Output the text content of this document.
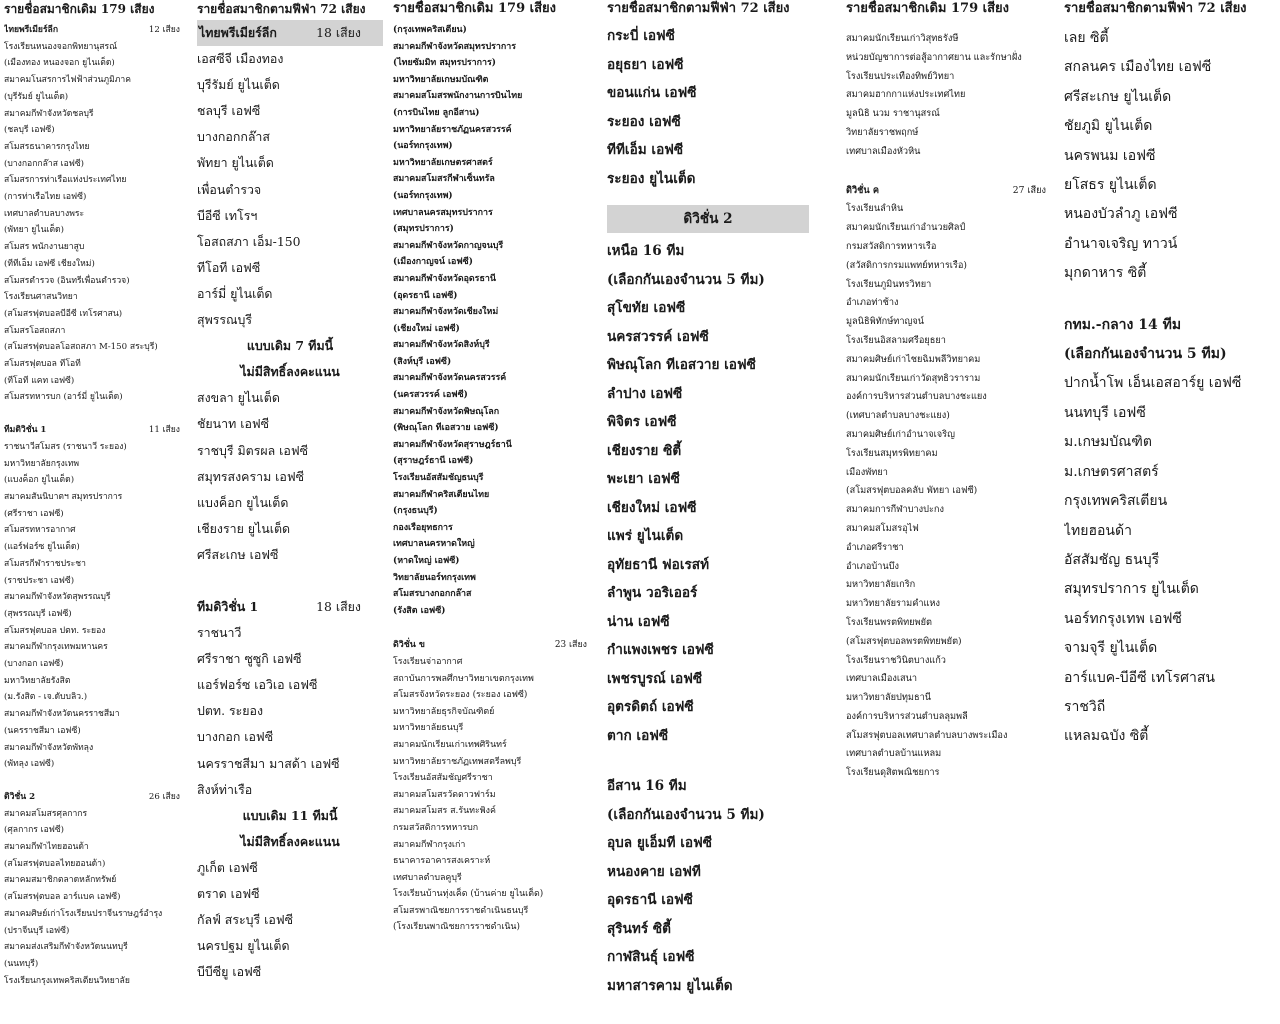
รายชื่อสมาชิกเดิม 179 เสียง
ไทยพรีเมียร์ลีก	12 เสียง
โรงเรียนหนองจอกพิทยานุสรณ์
(เมืองทอง หนองจอก ยูไนเต็ด)
สมาคมโนสรการไฟฟ้าส่วนภูมิภาค
(บุรีรัมย์ ยูไนเต็ด)
สมาคมกีฬาจังหวัดชลบุรี
(ชลบุรี เอฟซี)
สโมสรธนาคารกรุงไทย
(บางกอกกล๊าส เอฟซี)
สโมสรการท่าเรือแห่งประเทศไทย
(การท่าเรือไทย เอฟซี)
เทศบาลตำบลบางพระ
(พัทยา ยูไนเต็ด)
สโมสร พนักงานยาสูบ
(ทีทีเอ็ม เอฟซี เชียงใหม่)
สโมสรตำรวจ (อินทรีเพื่อนตำรวจ)
โรงเรียนศาสนวิทยา
(สโมสรฟุตบอลบีอีซี เทโรศาสน)
สโมสรโอสถสภา
(สโมสรฟุตบอลโอสถสภา M-150 สระบุรี)
สโมสรฟุตบอล ทีโอที
(ทีโอที แคท เอฟซี)
สโมสรทหารบก (อาร์มี่ ยูไนเต็ด)
ทีมดิวิชั่น 1	11 เสียง
ราชนาวีสโมสร (ราชนาวี ระยอง)
มหาวิทยาลัยกรุงเทพ
(แบงค็อก ยูไนเต็ด)
สมาคมสันนิบาตฯ สมุทรปราการ
(ศรีราชา เอฟซี)
สโมสรทหารอากาศ
(แอร์ฟอร์ซ ยูไนเต็ด)
สโมสรกีฬาราชประชา
(ราชประชา เอฟซี)
สมาคมกีฬาจังหวัดสุพรรณบุรี
(สุพรรณบุรี เอฟซี)
สโมสรฟุตบอล ปตท. ระยอง
สมาคมกีฬากรุงเทพมหานคร
(บางกอก เอฟซี)
มหาวิทยาลัยรังสิต
(ม.รังสิต - เจ.ดับบลิว.)
สมาคมกีฬาจังหวัดนครราชสีมา
(นครราชสีมา เอฟซี)
สมาคมกีฬาจังหวัดพัทลุง
(พัทลุง เอฟซี)
ดิวิชั่น 2	26 เสียง
สมาคมสโมสรศุลกากร
(ศุลกากร เอฟซี)
สมาคมกีฬาไทยฮอนด้า
(สโมสรฟุตบอลไทยฮอนด้า)
สมาคมสมาชิกตลาดหลักทรัพย์
(สโมสรฟุตบอล อาร์แบค เอฟซี)
สมาคมศิษย์เก่าโรงเรียนปราจีนราษฎร์อำรุง
(ปราจีนบุรี เอฟซี)
สมาคมส่งเสริมกีฬาจังหวัดนนทบุรี
(นนทบุรี)
โรงเรียนกรุงเทพคริสเตียนวิทยาลัย
รายชื่อสมาชิกตามฟีฟ่า 72 เสียง
ไทยพรีเมียร์ลีก	18 เสียง
เอสซีจี เมืองทอง
บุรีรัมย์ ยูไนเต็ด
ชลบุรี เอฟซี
บางกอกกล๊าส
พัทยา ยูไนเต็ด
เพื่อนตำรวจ
บีอีซี เทโรฯ
โอสถสภา เอ็ม-150
ทีโอที เอฟซี
อาร์มี่ ยูไนเต็ด
สุพรรณบุรี
แบบเดิม 7 ทีมนี้
ไม่มีสิทธิ์ลงคะแนน
สงขลา ยูไนเต็ด
ชัยนาท เอฟซี
ราชบุรี มิตรผล เอฟซี
สมุทรสงคราม เอฟซี
แบงค็อก ยูไนเต็ด
เชียงราย ยูไนเต็ด
ศรีสะเกษ เอฟซี
ทีมดิวิชั่น 1	18 เสียง
ราชนาวี
ศรีราชา ซูซูกิ เอฟซี
แอร์ฟอร์ซ เอวิเอ เอฟซี
ปตท. ระยอง
บางกอก เอฟซี
นครราชสีมา มาสด้า เอฟซี
สิงห์ท่าเรือ
แบบเดิม 11 ทีมนี้
ไม่มีสิทธิ์ลงคะแนน
ภูเก็ต เอฟซี
ตราด เอฟซี
กัลฟ์ สระบุรี เอฟซี
นครปฐม ยูไนเต็ด
บีบีซียู เอฟซี
รายชื่อสมาชิกเดิม 179 เสียง
(กรุงเทพคริสเตียน)
สมาคมกีฬาจังหวัดสมุทรปราการ
(ไทยซัมมิท สมุทรปราการ)
มหาวิทยาลัยเกษมบัณฑิต
สมาคมสโมสรพนักงานการบินไทย
(การบินไทย ลูกอีสาน)
มหาวิทยาลัยราชภัฏนครสวรรค์
(นอร์ทกรุงเทพ)
มหาวิทยาลัยเกษตรศาสตร์
สมาคมสโมสรกีฬาเซ็นทรัล
(นอร์ทกรุงเทพ)
เทศบาลนครสมุทรปราการ
(สมุทรปราการ)
สมาคมกีฬาจังหวัดกาญจนบุรี
(เมืองกาญจน์ เอฟซี)
สมาคมกีฬาจังหวัดอุดรธานี
(อุดรธานี เอฟซี)
สมาคมกีฬาจังหวัดเชียงใหม่
(เชียงใหม่ เอฟซี)
สมาคมกีฬาจังหวัดสิงห์บุรี
(สิงห์บุรี เอฟซี)
สมาคมกีฬาจังหวัดนครสวรรค์
(นครสวรรค์ เอฟซี)
สมาคมกีฬาจังหวัดพิษณุโลก
(พิษณุโลก ทีเอสวาย เอฟซี)
สมาคมกีฬาจังหวัดสุราษฎร์ธานี
(สุราษฎร์ธานี เอฟซี)
โรงเรียนอัสสัมชัญธนบุรี
สมาคมกีฬาคริสเตียนไทย
(กรุงธนบุรี)
กองเรือยุทธการ
เทศบาลนครหาดใหญ่
(หาดใหญ่ เอฟซี)
วิทยาลัยนอร์ทกรุงเทพ
สโมสรบางกอกกล๊าส
(รังสิต เอฟซี)
ดิวิชั่น ข	23 เสียง
โรงเรียนจ่าอากาศ
สถาบันการพลศึกษาวิทยาเขตกรุงเทพ
สโมสรจังหวัดระยอง (ระยอง เอฟซี)
มหาวิทยาลัยธุรกิจบัณฑิตย์
มหาวิทยาลัยธนบุรี
สมาคมนักเรียนเก่าเทพศิรินทร์
มหาวิทยาลัยราชภัฏเทพสตรีลพบุรี
โรงเรียนอัสสัมชัญศรีราชา
สมาคมสโมสรวัดดาวฟาร์ม
สมาคมสโมสร ส.รันทะพิงค์
กรมสวัสดิการทหารบก
สมาคมกีฬากรุงเก่า
ธนาคารอาคารสงเคราะห์
เทศบาลตำบลคูบุรี
โรงเรียนบ้านทุ่งเค็ด (บ้านค่าย ยูไนเต็ด)
สโมสรพาณิชยการราชดำเนินธนบุรี
(โรงเรียนพาณิชยการราชดำเนิน)
รายชื่อสมาชิกตามฟีฟ่า 72 เสียง
กระบี่ เอฟซี
อยุธยา เอฟซี
ขอนแก่น เอฟซี
ระยอง เอฟซี
ทีทีเอ็ม เอฟซี
ระยอง ยูไนเต็ด
ดิวิชั่น 2
เหนือ 16 ทีม
(เลือกกันเองจำนวน 5 ทีม)
สุโขทัย เอฟซี
นครสวรรค์ เอฟซี
พิษณุโลก ทีเอสวาย เอฟซี
ลำปาง เอฟซี
พิจิตร เอฟซี
เชียงราย ซิตี้
พะเยา เอฟซี
เชียงใหม่ เอฟซี
แพร่ ยูไนเต็ด
อุทัยธานี ฟอเรสท์
ลำพูน วอริเออร์
น่าน เอฟซี
กำแพงเพชร เอฟซี
เพชรบูรณ์ เอฟซี
อุตรดิตถ์ เอฟซี
ตาก เอฟซี
อีสาน 16 ทีม
(เลือกกันเองจำนวน 5 ทีม)
อุบล ยูเอ็มที เอฟซี
หนองคาย เอฟที
อุดรธานี เอฟซี
สุรินทร์ ซิตี้
กาฬสินธุ์ เอฟซี
มหาสารคาม ยูไนเต็ด
รายชื่อสมาชิกเดิม 179 เสียง
สมาคมนักเรียนเก่าวิสุทธรังษี
หน่วยบัญชาการต่อสู้อากาศยาน และรักษาฝั่ง
โรงเรียนประเทืองทิพย์วิทยา
สมาคมฮากกาแห่งประเทศไทย
มูลนิธิ นวม ราชานุสรณ์
วิทยาลัยราชพฤกษ์
เทศบาลเมืองหัวหิน
ดิวิชั่น ค	27 เสียง
โรงเรียนลำหิน
สมาคมนักเรียนเก่าอำนวยศิลป์
กรมสวัสดิการทหารเรือ
(สวัสดิการกรมแพทย์ทหารเรือ)
โรงเรียนภูมินทรวิทยา
อำเภอท่าช้าง
มูลนิธิพิทักษ์ทาญจน์
โรงเรียนอิสลามศรีอยุธยา
สมาคมศิษย์เก่าไชยฉิมพลีวิทยาคม
สมาคมนักเรียนเก่าวัดสุทธิวราราม
องค์การบริหารส่วนตำบลบางชะแยง
(เทศบาลตำบลบางชะแยง)
สมาคมศิษย์เก่าอำนาจเจริญ
โรงเรียนสมุทรพิทยาคม
เมืองพัทยา
(สโมสรฟุตบอลคลับ พัทยา เอฟซี)
สมาคมการกีฬาบางปะกง
สมาคมสโมสรอุไฟ
อำเภอศรีราชา
อำเภอบ้านบึง
มหาวิทยาลัยเกริก
มหาวิทยาลัยรามคำแหง
โรงเรียนพรตพิทยพยัต
(สโมสรฟุตบอลพรตพิทยพยัต)
โรงเรียนราชวินิตบางแก้ว
เทศบาลเมืองเสนา
มหาวิทยาลัยปทุมธานี
องค์การบริหารส่วนตำบลลุมพลี
สโมสรฟุตบอลเทศบาลตำบลบางพระเมือง
เทศบาลตำบลบ้านแหลม
โรงเรียนดุสิตพณิชยการ
รายชื่อสมาชิกตามฟีฟ่า 72 เสียง
เลย ซิตี้
สกลนคร เมืองไทย เอฟซี
ศรีสะเกษ ยูไนเต็ด
ชัยภูมิ ยูไนเต็ด
นครพนม เอฟซี
ยโสธร ยูไนเต็ด
หนองบัวลำภู เอฟซี
อำนาจเจริญ ทาวน์
มุกดาหาร ซิตี้
กทม.-กลาง 14 ทีม
(เลือกกันเองจำนวน 5 ทีม)
ปากน้ำโพ เอ็นเอสอาร์ยู เอฟซี
นนทบุรี เอฟซี
ม.เกษมบัณฑิต
ม.เกษตรศาสตร์
กรุงเทพคริสเตียน
ไทยฮอนด้า
อัสสัมชัญ ธนบุรี
สมุทรปราการ ยูไนเต็ด
นอร์ทกรุงเทพ เอฟซี
จามจุรี ยูไนเต็ด
อาร์แบค-บีอีซี เทโรศาสน
ราชวิถี
แหลมฉบัง ซิตี้
